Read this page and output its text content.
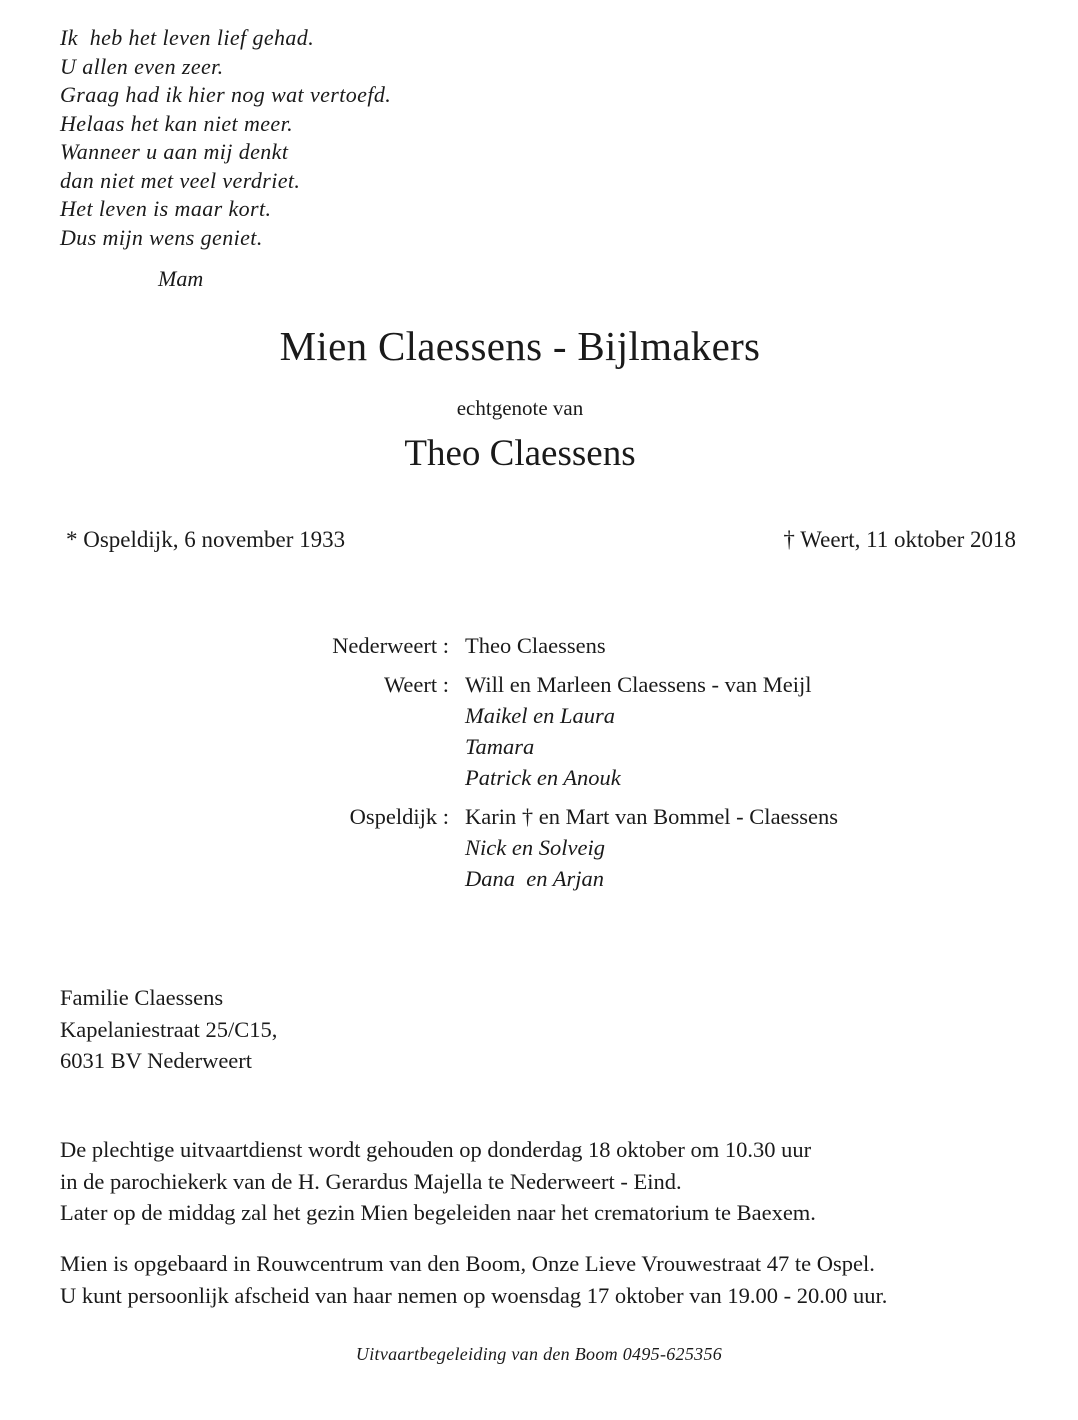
Ik  heb het leven lief gehad.
U allen even zeer.
Graag had ik hier nog wat vertoefd.
Helaas het kan niet meer.
Wanneer u aan mij denkt
dan niet met veel verdriet.
Het leven is maar kort.
Dus mijn wens geniet.
Mam
Mien Claessens - Bijlmakers
echtgenote van
Theo Claessens
* Ospeldijk, 6 november 1933	† Weert, 11 oktober 2018
Nederweert : Theo Claessens
Weert : Will en Marleen Claessens - van Meijl
Maikel en Laura
Tamara
Patrick en Anouk
Ospeldijk : Karin † en Mart van Bommel - Claessens
Nick en Solveig
Dana  en Arjan
Familie Claessens
Kapelaniestraat 25/C15,
6031 BV Nederweert
De plechtige uitvaartdienst wordt gehouden op donderdag 18 oktober om 10.30 uur
in de parochiekerk van de H. Gerardus Majella te Nederweert - Eind.
Later op de middag zal het gezin Mien begeleiden naar het crematorium te Baexem.
Mien is opgebaard in Rouwcentrum van den Boom, Onze Lieve Vrouwestraat 47 te Ospel.
U kunt persoonlijk afscheid van haar nemen op woensdag 17 oktober van 19.00 - 20.00 uur.
Uitvaartbegeleiding van den Boom 0495-625356
